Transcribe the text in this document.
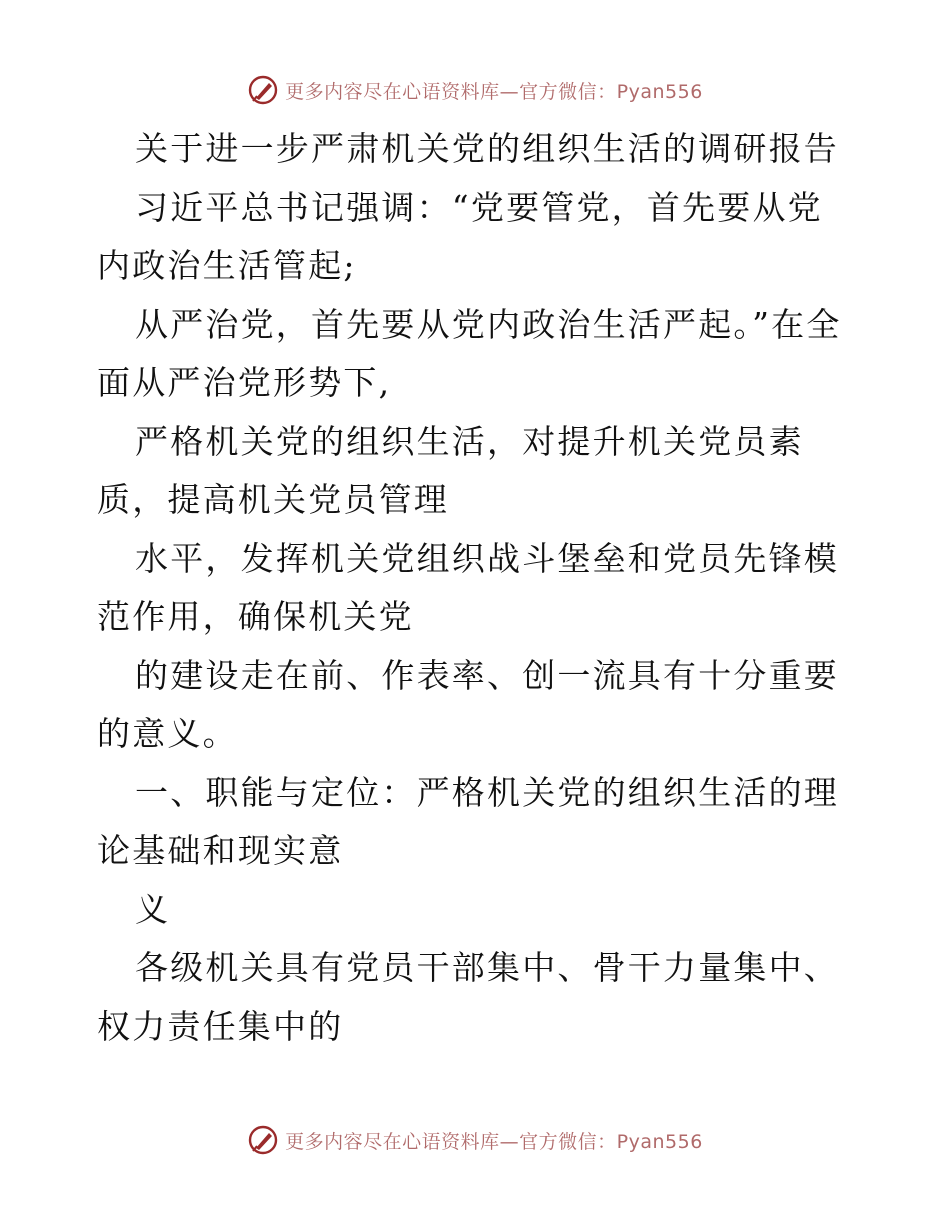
更多内容尽在心语资料库—官方微信：Pyan556

关于进一步严肃机关党的组织生活的调研报告

习近平总书记强调：“党要管党，首先要从党内政治生活管起;

从严治党，首先要从党内政治生活严起。”在全面从严治党形势下,

严格机关党的组织生活，对提升机关党员素质，提高机关党员管理

水平，发挥机关党组织战斗堡垒和党员先锋模范作用，确保机关党

的建设走在前、作表率、创一流具有十分重要的意义。

一、职能与定位：严格机关党的组织生活的理论基础和现实意

义

各级机关具有党员干部集中、骨干力量集中、权力责任集中的

更多内容尽在心语资料库—官方微信：Pyan556
